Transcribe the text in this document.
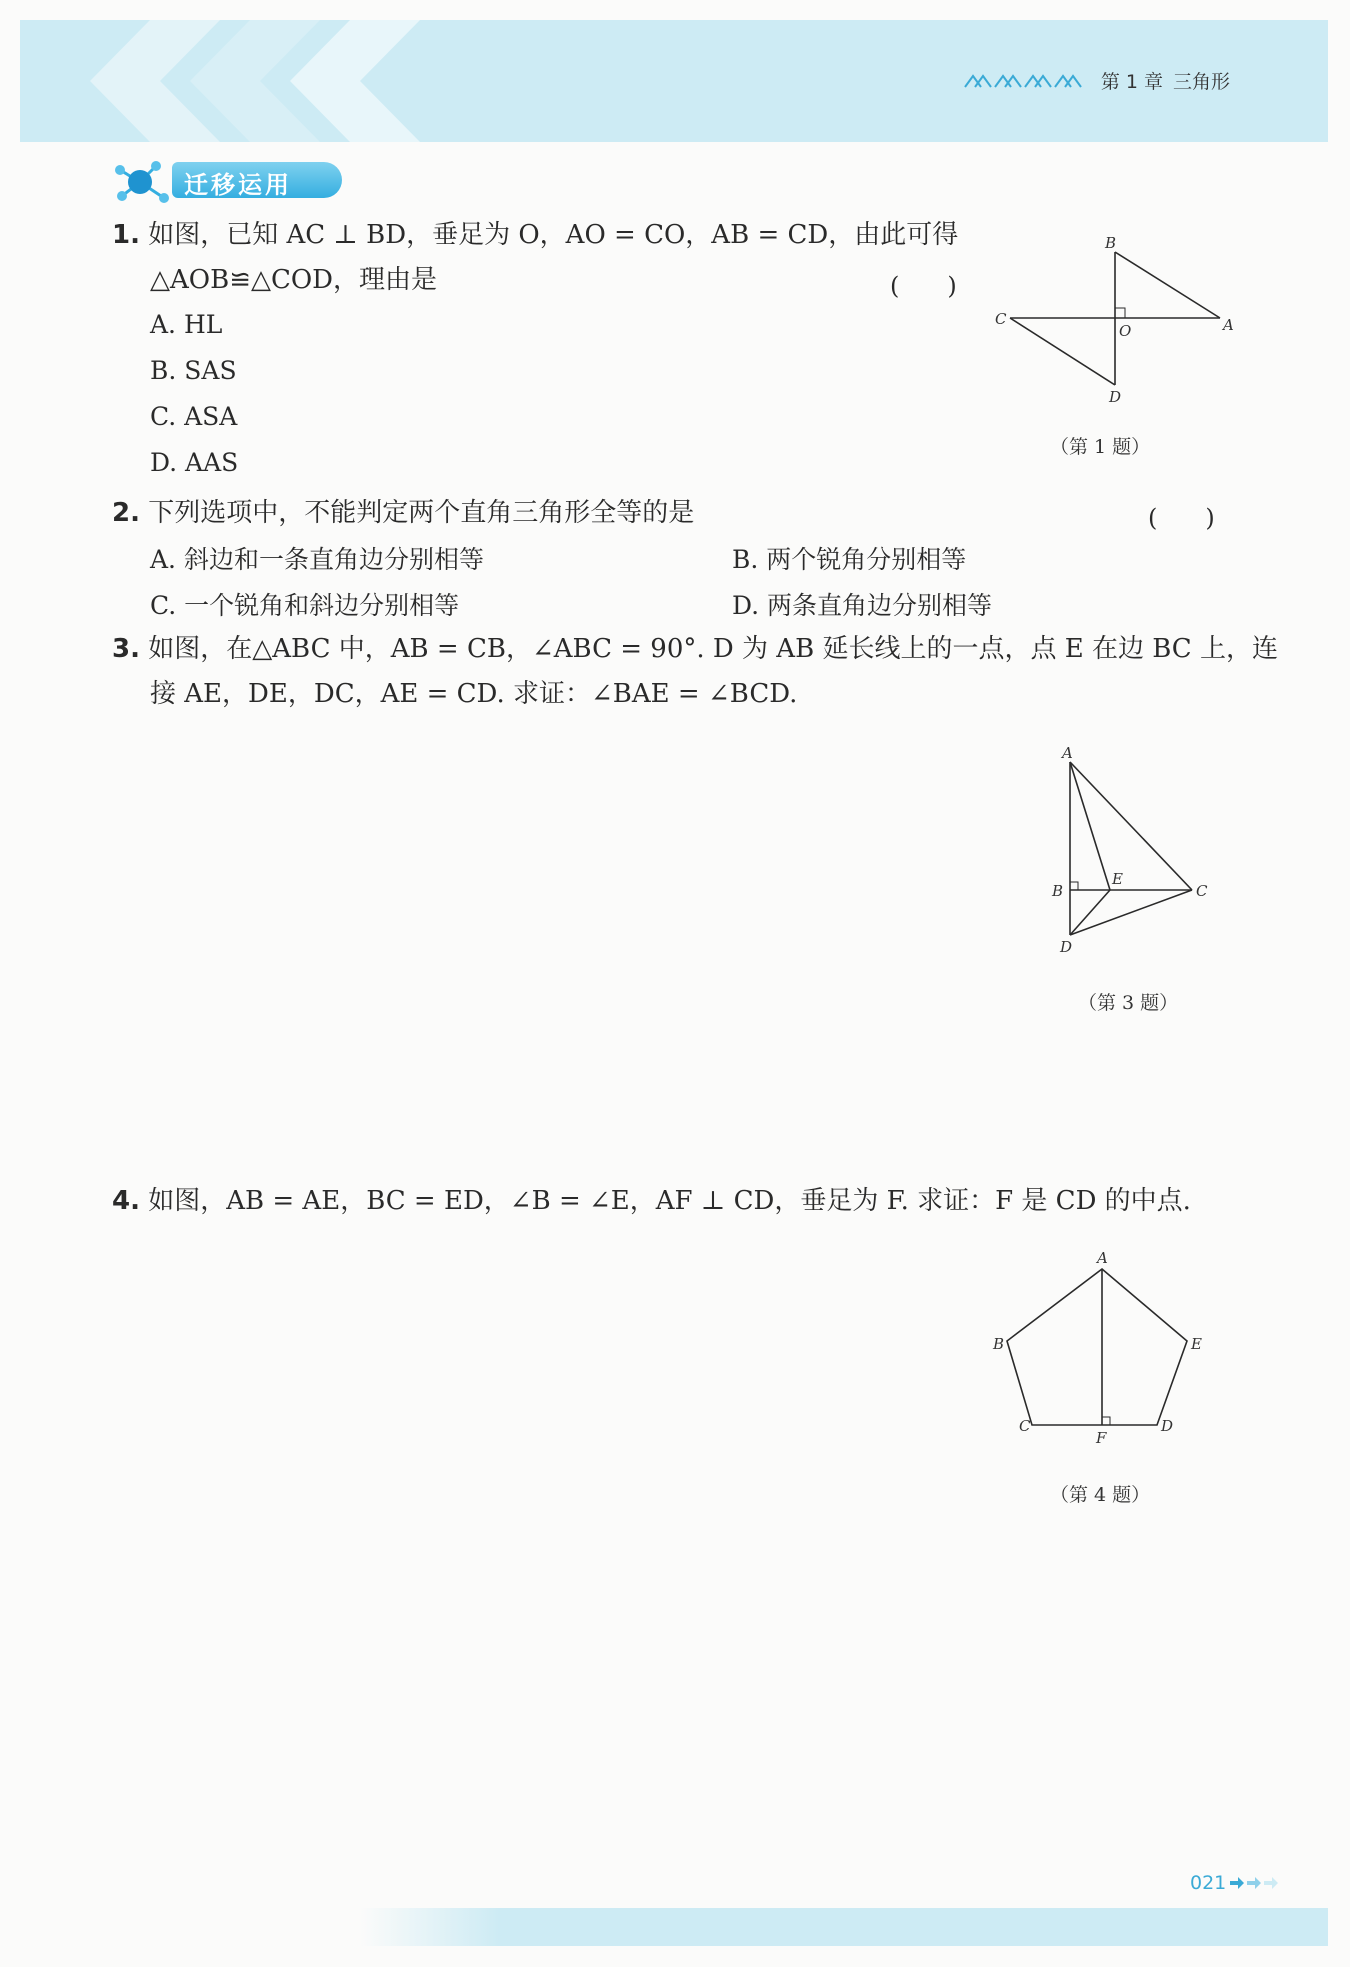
第 1 章 三角形
迁移运用
1. 如图，已知 AC ⊥ BD，垂足为 O，AO = CO，AB = CD，由此可得
△AOB≌△COD，理由是	(　　)
A. HL
B. SAS
C. ASA
D. AAS
B
C	A
O
D
（第 1 题）
2. 下列选项中，不能判定两个直角三角形全等的是	(　　)
A. 斜边和一条直角边分别相等	B. 两个锐角分别相等
C. 一个锐角和斜边分别相等	D. 两条直角边分别相等
3. 如图，在△ABC 中，AB = CB，∠ABC = 90°. D 为 AB 延长线上的一点，点 E 在边 BC 上，连
接 AE，DE，DC，AE = CD. 求证：∠BAE = ∠BCD.
A
B
E
C
D
（第 3 题）
4. 如图，AB = AE，BC = ED，∠B = ∠E，AF ⊥ CD，垂足为 F. 求证：F 是 CD 的中点.
A
B	E
C	D
F
（第 4 题）
021
